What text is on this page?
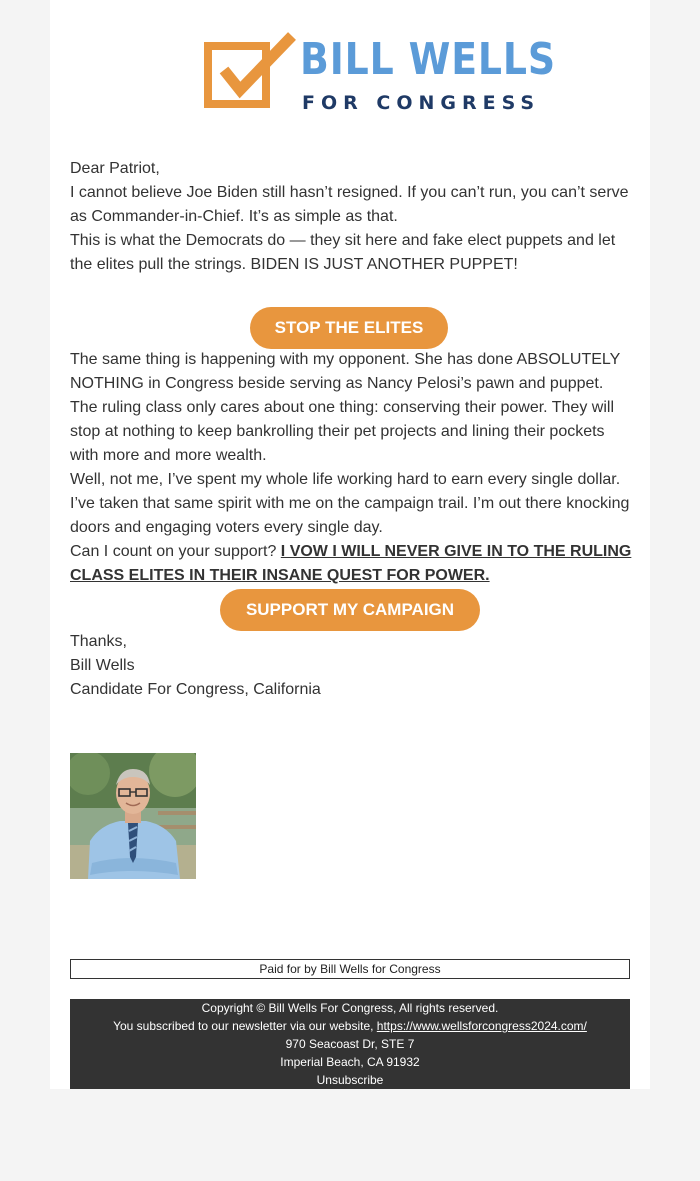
BILL WELLS
FOR CONGRESS

Dear Patriot,

I cannot believe Joe Biden still hasn’t resigned. If you can’t run, you can’t serve as Commander-in-Chief. It’s as simple as that.

This is what the Democrats do — they sit here and fake elect puppets and let the elites pull the strings. BIDEN IS JUST ANOTHER PUPPET!

STOP THE ELITES

The same thing is happening with my opponent. She has done ABSOLUTELY NOTHING in Congress beside serving as Nancy Pelosi’s pawn and puppet.

The ruling class only cares about one thing: conserving their power. They will stop at nothing to keep bankrolling their pet projects and lining their pockets with more and more wealth.

Well, not me, I’ve spent my whole life working hard to earn every single dollar. I’ve taken that same spirit with me on the campaign trail. I’m out there knocking doors and engaging voters every single day.

Can I count on your support? I VOW I WILL NEVER GIVE IN TO THE RULING CLASS ELITES IN THEIR INSANE QUEST FOR POWER.

SUPPORT MY CAMPAIGN

Thanks,

Bill Wells

Candidate For Congress, California

Paid for by Bill Wells for Congress

Copyright © Bill Wells For Congress, All rights reserved.

You subscribed to our newsletter via our website, https://www.wellsforcongress2024.com/

970 Seacoast Dr, STE 7

Imperial Beach, CA 91932

Unsubscribe
